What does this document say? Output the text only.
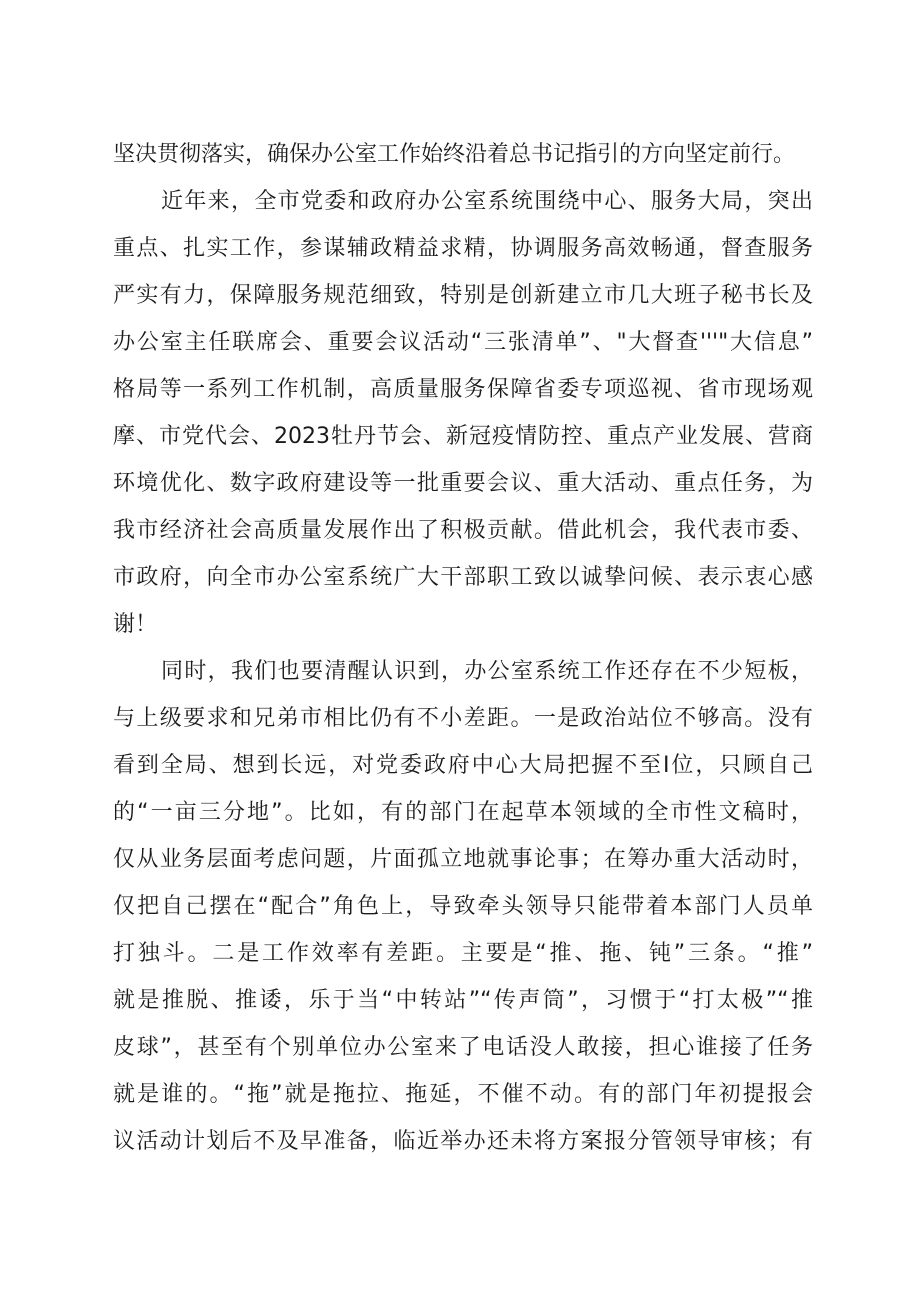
坚决贯彻落实，确保办公室工作始终沿着总书记指引的方向坚定前行。
近年来，全市党委和政府办公室系统围绕中心、服务大局，突出
重点、扎实工作，参谋辅政精益求精，协调服务高效畅通，督查服务
严实有力，保障服务规范细致，特别是创新建立市几大班子秘书长及
办公室主任联席会、重要会议活动“三张清单”、"大督查'''"大信息”
格局等一系列工作机制，高质量服务保障省委专项巡视、省市现场观
摩、市党代会、2023牡丹节会、新冠疫情防控、重点产业发展、营商
环境优化、数字政府建设等一批重要会议、重大活动、重点任务，为
我市经济社会高质量发展作出了积极贡献。借此机会，我代表市委、
市政府，向全市办公室系统广大干部职工致以诚挚问候、表示衷心感
谢！
同时，我们也要清醒认识到，办公室系统工作还存在不少短板，
与上级要求和兄弟市相比仍有不小差距。一是政治站位不够高。没有
看到全局、想到长远，对党委政府中心大局把握不至I位，只顾自己
的“一亩三分地”。比如，有的部门在起草本领域的全市性文稿时，
仅从业务层面考虑问题，片面孤立地就事论事；在筹办重大活动时，
仅把自己摆在“配合”角色上，导致牵头领导只能带着本部门人员单
打独斗。二是工作效率有差距。主要是“推、拖、钝”三条。“推”
就是推脱、推诿，乐于当“中转站”“传声筒”，习惯于“打太极”“推
皮球”，甚至有个别单位办公室来了电话没人敢接，担心谁接了任务
就是谁的。“拖”就是拖拉、拖延，不催不动。有的部门年初提报会
议活动计划后不及早准备，临近举办还未将方案报分管领导审核；有
